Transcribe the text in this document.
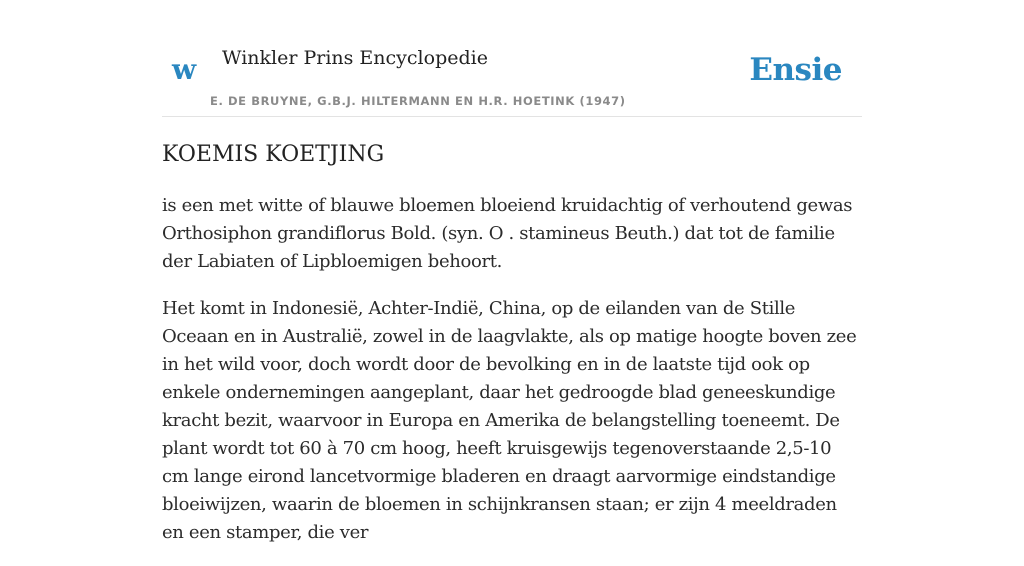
w Winkler Prins Encyclopedie
E. DE BRUYNE, G.B.J. HILTERMANN EN H.R. HOETINK (1947)
Ensie
KOEMIS KOETJING

is een met witte of blauwe bloemen bloeiend kruidachtig of verhoutend gewas Orthosiphon grandiflorus Bold. (syn. O . stamineus Beuth.) dat tot de familie der Labiaten of Lipbloemigen behoort.

Het komt in Indonesië, Achter-Indië, China, op de eilanden van de Stille Oceaan en in Australië, zowel in de laagvlakte, als op matige hoogte boven zee in het wild voor, doch wordt door de bevolking en in de laatste tijd ook op enkele ondernemingen aangeplant, daar het gedroogde blad geneeskundige kracht bezit, waarvoor in Europa en Amerika de belangstelling toeneemt. De plant wordt tot 60 à 70 cm hoog, heeft kruisgewijs tegenoverstaande 2,5-10 cm lange eirond lancetvormige bladeren en draagt aarvormige eindstandige bloeiwijzen, waarin de bloemen in schijnkransen staan; er zijn 4 meeldraden en een stamper, die ver
